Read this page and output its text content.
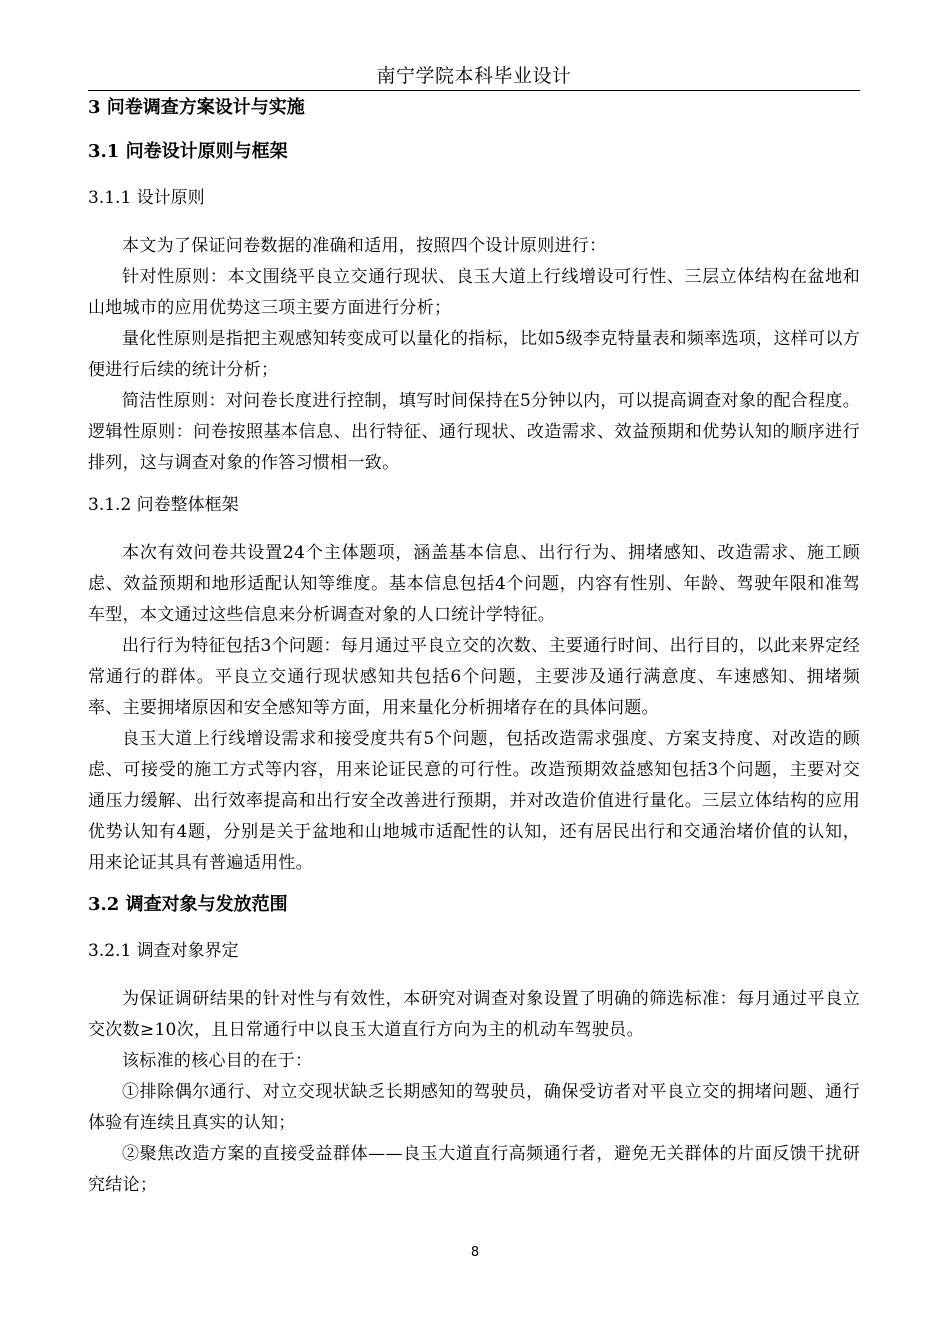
南宁学院本科毕业设计
3 问卷调查方案设计与实施
3.1 问卷设计原则与框架
3.1.1 设计原则

本文为了保证问卷数据的准确和适用，按照四个设计原则进行：

针对性原则：本文围绕平良立交通行现状、良玉大道上行线增设可行性、三层立体结构在盆地和山地城市的应用优势这三项主要方面进行分析；

量化性原则是指把主观感知转变成可以量化的指标，比如5级李克特量表和频率选项，这样可以方便进行后续的统计分析；

简洁性原则：对问卷长度进行控制，填写时间保持在5分钟以内，可以提高调查对象的配合程度。逻辑性原则：问卷按照基本信息、出行特征、通行现状、改造需求、效益预期和优势认知的顺序进行排列，这与调查对象的作答习惯相一致。

3.1.2 问卷整体框架

本次有效问卷共设置24个主体题项，涵盖基本信息、出行行为、拥堵感知、改造需求、施工顾虑、效益预期和地形适配认知等维度。基本信息包括4个问题，内容有性别、年龄、驾驶年限和准驾车型，本文通过这些信息来分析调查对象的人口统计学特征。

出行行为特征包括3个问题：每月通过平良立交的次数、主要通行时间、出行目的，以此来界定经常通行的群体。平良立交通行现状感知共包括6个问题，主要涉及通行满意度、车速感知、拥堵频率、主要拥堵原因和安全感知等方面，用来量化分析拥堵存在的具体问题。

良玉大道上行线增设需求和接受度共有5个问题，包括改造需求强度、方案支持度、对改造的顾虑、可接受的施工方式等内容，用来论证民意的可行性。改造预期效益感知包括3个问题，主要对交通压力缓解、出行效率提高和出行安全改善进行预期，并对改造价值进行量化。三层立体结构的应用优势认知有4题，分别是关于盆地和山地城市适配性的认知，还有居民出行和交通治堵价值的认知，用来论证其具有普遍适用性。

3.2 调查对象与发放范围
3.2.1 调查对象界定

为保证调研结果的针对性与有效性，本研究对调查对象设置了明确的筛选标准：每月通过平良立交次数≥10次，且日常通行中以良玉大道直行方向为主的机动车驾驶员。

该标准的核心目的在于：

①排除偶尔通行、对立交现状缺乏长期感知的驾驶员，确保受访者对平良立交的拥堵问题、通行体验有连续且真实的认知；

②聚焦改造方案的直接受益群体——良玉大道直行高频通行者，避免无关群体的片面反馈干扰研究结论；

8
